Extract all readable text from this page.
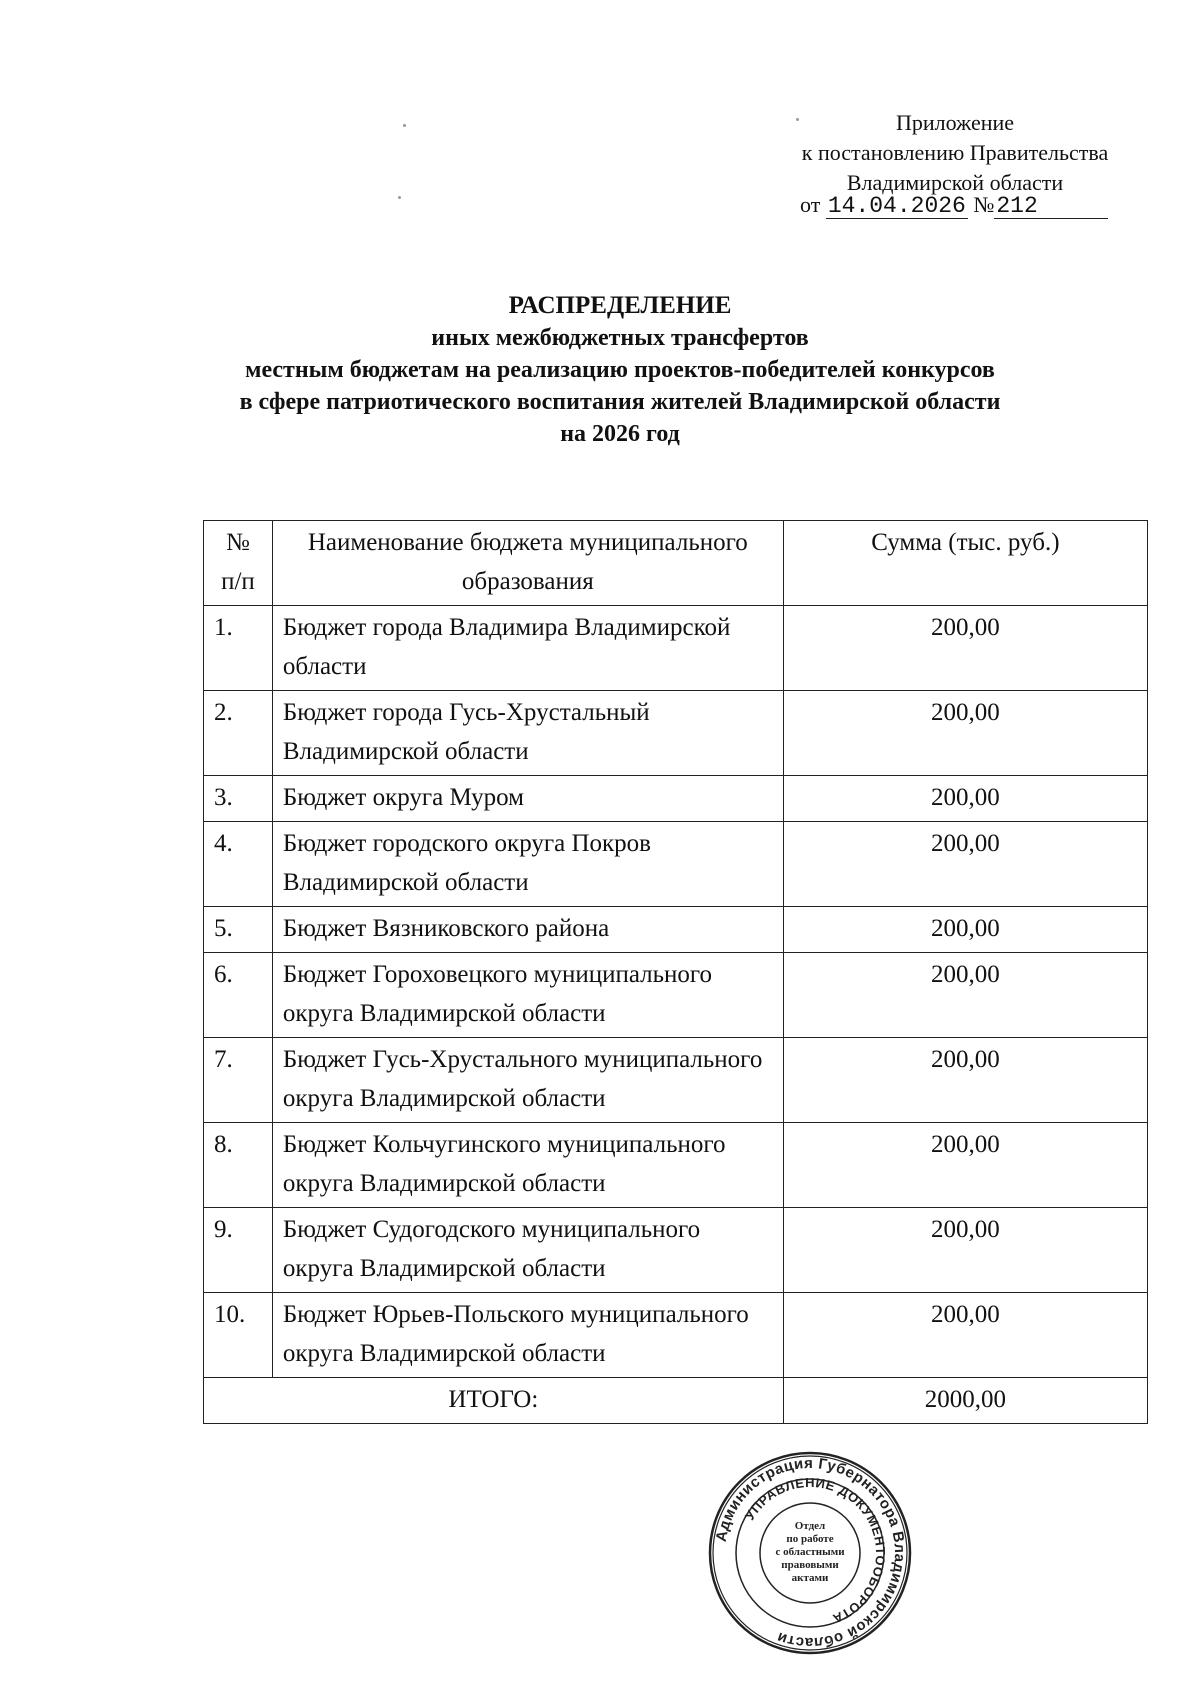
Приложение
к постановлению Правительства
Владимирской области
от 14.04.2026 №212
РАСПРЕДЕЛЕНИЕ
иных межбюджетных трансфертов
местным бюджетам на реализацию проектов-победителей конкурсов
в сфере патриотического воспитания жителей Владимирской области
на 2026 год
№ п/п	Наименование бюджета муниципального образования	Сумма (тыс. руб.)
1.	Бюджет города Владимира Владимирской области	200,00
2.	Бюджет города Гусь-Хрустальный Владимирской области	200,00
3.	Бюджет округа Муром	200,00
4.	Бюджет городского округа Покров Владимирской области	200,00
5.	Бюджет Вязниковского района	200,00
6.	Бюджет Гороховецкого муниципального округа Владимирской области	200,00
7.	Бюджет Гусь-Хрустального муниципального округа Владимирской области	200,00
8.	Бюджет Кольчугинского муниципального округа Владимирской области	200,00
9.	Бюджет Судогодского муниципального округа Владимирской области	200,00
10.	Бюджет Юрьев-Польского муниципального округа Владимирской области	200,00
ИТОГО:		2000,00
Администрация Губернатора Владимирской области
УПРАВЛЕНИЕ ДОКУМЕНТООБОРОТА
Отдел
по работе
с областными
правовыми
актами
